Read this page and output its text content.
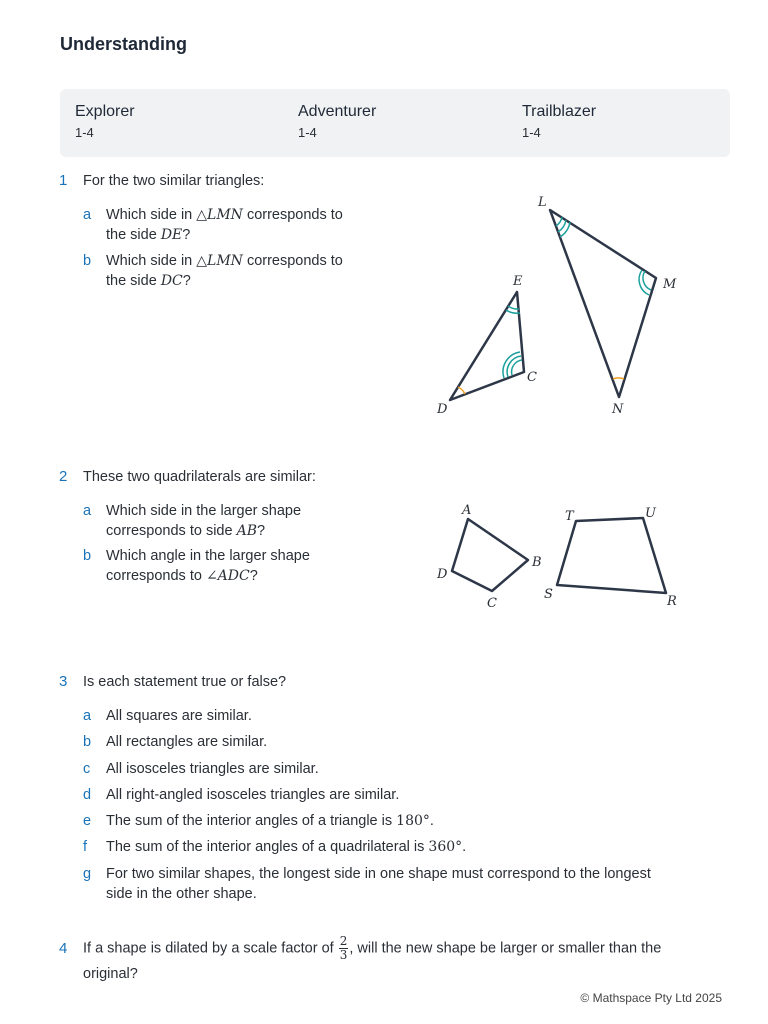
Understanding
Explorer
1-4
Adventurer
1-4
Trailblazer
1-4
1 For the two similar triangles:
a	Which side in △LMN corresponds to
the side DE?
b	Which side in △LMN corresponds to
the side DC?
2 These two quadrilaterals are similar:
a	Which side in the larger shape
corresponds to side AB?
b	Which angle in the larger shape
corresponds to ∠ADC?
3 Is each statement true or false?
a	All squares are similar.
b	All rectangles are similar.
c	All isosceles triangles are similar.
d	All right-angled isosceles triangles are similar.
e	The sum of the interior angles of a triangle is 180°.
f	The sum of the interior angles of a quadrilateral is 360°.
g	For two similar shapes, the longest side in one shape must correspond to the longest
side in the other shape.
4 If a shape is dilated by a scale factor of $\frac{2}{3}$ , will the new shape be larger or smaller than the
original?
© Mathspace Pty Ltd 2025
L
M
N
E
C
D
A
B
C
D
T	U
S	R
